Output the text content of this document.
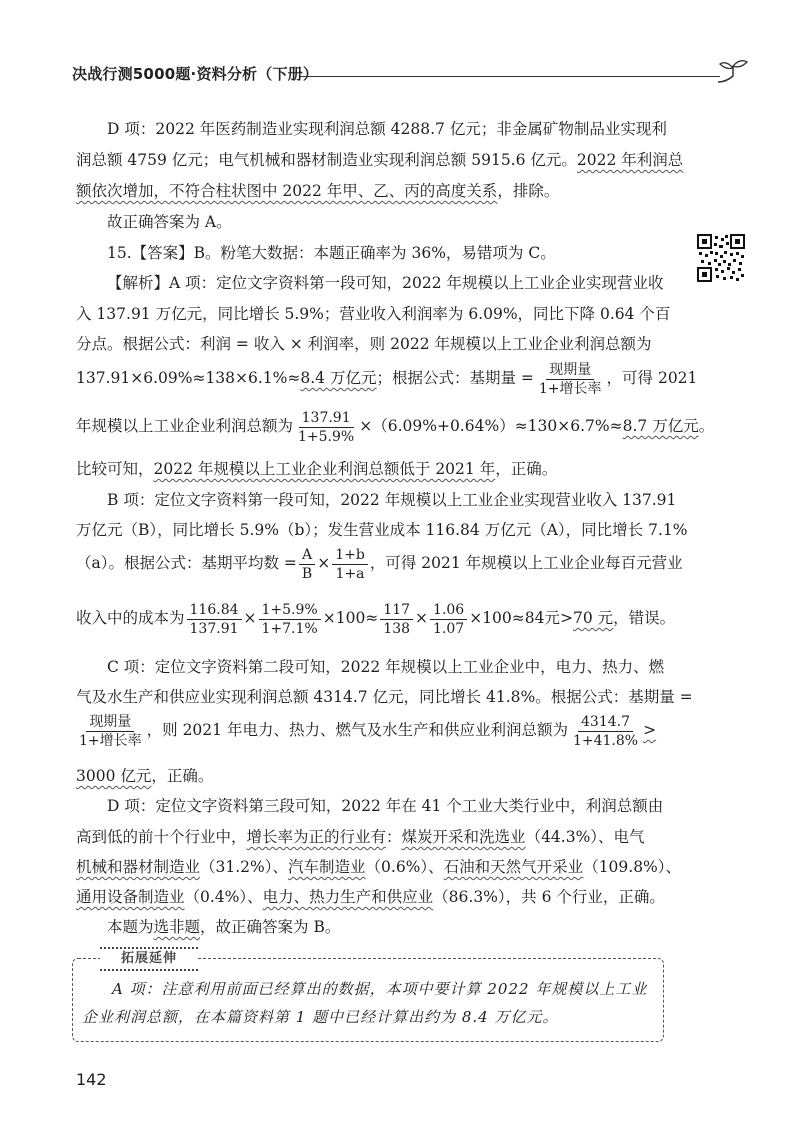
决战行测5000题·资料分析（下册）
D 项：2022 年医药制造业实现利润总额 4288.7 亿元；非金属矿物制品业实现利
润总额 4759 亿元；电气机械和器材制造业实现利润总额 5915.6 亿元。2022 年利润总
额依次增加，不符合柱状图中 2022 年甲、乙、丙的高度关系，排除。
故正确答案为 A。
15.【答案】B。粉笔大数据：本题正确率为 36%，易错项为 C。
【解析】A 项：定位文字资料第一段可知，2022 年规模以上工业企业实现营业收
入 137.91 万亿元，同比增长 5.9%；营业收入利润率为 6.09%，同比下降 0.64 个百
分点。根据公式：利润 = 收入 × 利润率，则 2022 年规模以上工业企业利润总额为
137.91×6.09%≈138×6.1%≈8.4 万亿元；根据公式：基期量 = $\frac{\text{现期量}}{\text{1+增长率}}$ ，可得 2021
年规模以上工业企业利润总额为 $\frac{137.91}{1+5.9\%} \times(6.09\%+0.64\%)\approx 130\times 6.7\%\approx 8.7$ 万亿元。
比较可知，2022 年规模以上工业企业利润总额低于 2021 年，正确。
B 项：定位文字资料第一段可知，2022 年规模以上工业企业实现营业收入 137.91
万亿元（B），同比增长 5.9%（b）；发生营业成本 116.84 万亿元（A），同比增长 7.1%
（a）。根据公式：基期平均数 = $\frac{A}{B} \times \frac{1+b}{1+a}$ ，可得 2021 年规模以上工业企业每百元营业
收入中的成本为 $\frac{116.84}{137.91} \times \frac{1+5.9\%}{1+7.1\%} \times 100\approx \frac{117}{138} \times \frac{1.06}{1.07} \times 100\approx 84$元>70 元，错误。
C 项：定位文字资料第二段可知，2022 年规模以上工业企业中，电力、热力、燃
气及水生产和供应业实现利润总额 4314.7 亿元，同比增长 41.8%。根据公式：基期量 =
$\frac{\text{现期量}}{\text{1+增长率}}$ ，则 2021 年电力、热力、燃气及水生产和供应业利润总额为 $\frac{4314.7}{1+41.8\%}$ >
3000 亿元，正确。
D 项：定位文字资料第三段可知，2022 年在 41 个工业大类行业中，利润总额由
高到低的前十个行业中，增长率为正的行业有：煤炭开采和洗选业（44.3%）、电气
机械和器材制造业（31.2%）、汽车制造业（0.6%）、石油和天然气开采业（109.8%）、
通用设备制造业（0.4%）、电力、热力生产和供应业（86.3%），共 6 个行业，正确。
本题为选非题，故正确答案为 B。
拓展延伸
A 项：注意利用前面已经算出的数据，本项中要计算 2022 年规模以上工业
企业利润总额，在本篇资料第 1 题中已经计算出约为 8.4 万亿元。
142
